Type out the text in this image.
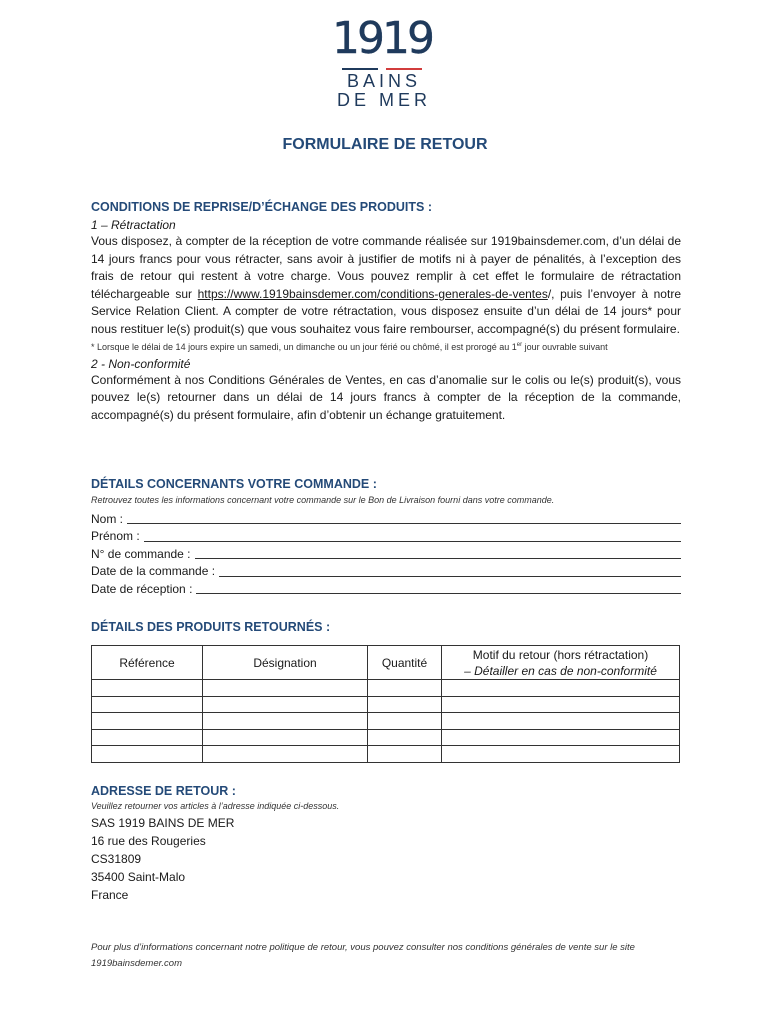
1919
BAINS
DE MER
FORMULAIRE DE RETOUR
CONDITIONS DE REPRISE/D’ÉCHANGE DES PRODUITS :
1 – Rétractation
Vous disposez, à compter de la réception de votre commande réalisée sur 1919bainsdemer.com, d’un délai de 14 jours francs pour vous rétracter, sans avoir à justifier de motifs ni à payer de pénalités, à l’exception des frais de retour qui restent à votre charge. Vous pouvez remplir à cet effet le formulaire de rétractation téléchargeable sur https://www.1919bainsdemer.com/conditions-generales-de-ventes/, puis l’envoyer à notre Service Relation Client. A compter de votre rétractation, vous disposez ensuite d’un délai de 14 jours* pour nous restituer le(s) produit(s) que vous souhaitez vous faire rembourser, accompagné(s) du présent formulaire.
* Lorsque le délai de 14 jours expire un samedi, un dimanche ou un jour férié ou chômé, il est prorogé au 1er jour ouvrable suivant
2 - Non-conformité
Conformément à nos Conditions Générales de Ventes, en cas d’anomalie sur le colis ou le(s) produit(s), vous pouvez le(s) retourner dans un délai de 14 jours francs à compter de la réception de la commande, accompagné(s) du présent formulaire, afin d’obtenir un échange gratuitement.
DÉTAILS CONCERNANTS VOTRE COMMANDE :
Retrouvez toutes les informations concernant votre commande sur le Bon de Livraison fourni dans votre commande.
Nom :
Prénom :
N° de commande :
Date de la commande :
Date de réception :
DÉTAILS DES PRODUITS RETOURNÉS :
Référence	Désignation	Quantité	Motif du retour (hors rétractation)
– Détailler en cas de non-conformité

ADRESSE DE RETOUR :
Veuillez retourner vos articles à l’adresse indiquée ci-dessous.
SAS 1919 BAINS DE MER
16 rue des Rougeries
CS31809
35400 Saint-Malo
France
Pour plus d’informations concernant notre politique de retour, vous pouvez consulter nos conditions générales de vente sur le site 1919bainsdemer.com
